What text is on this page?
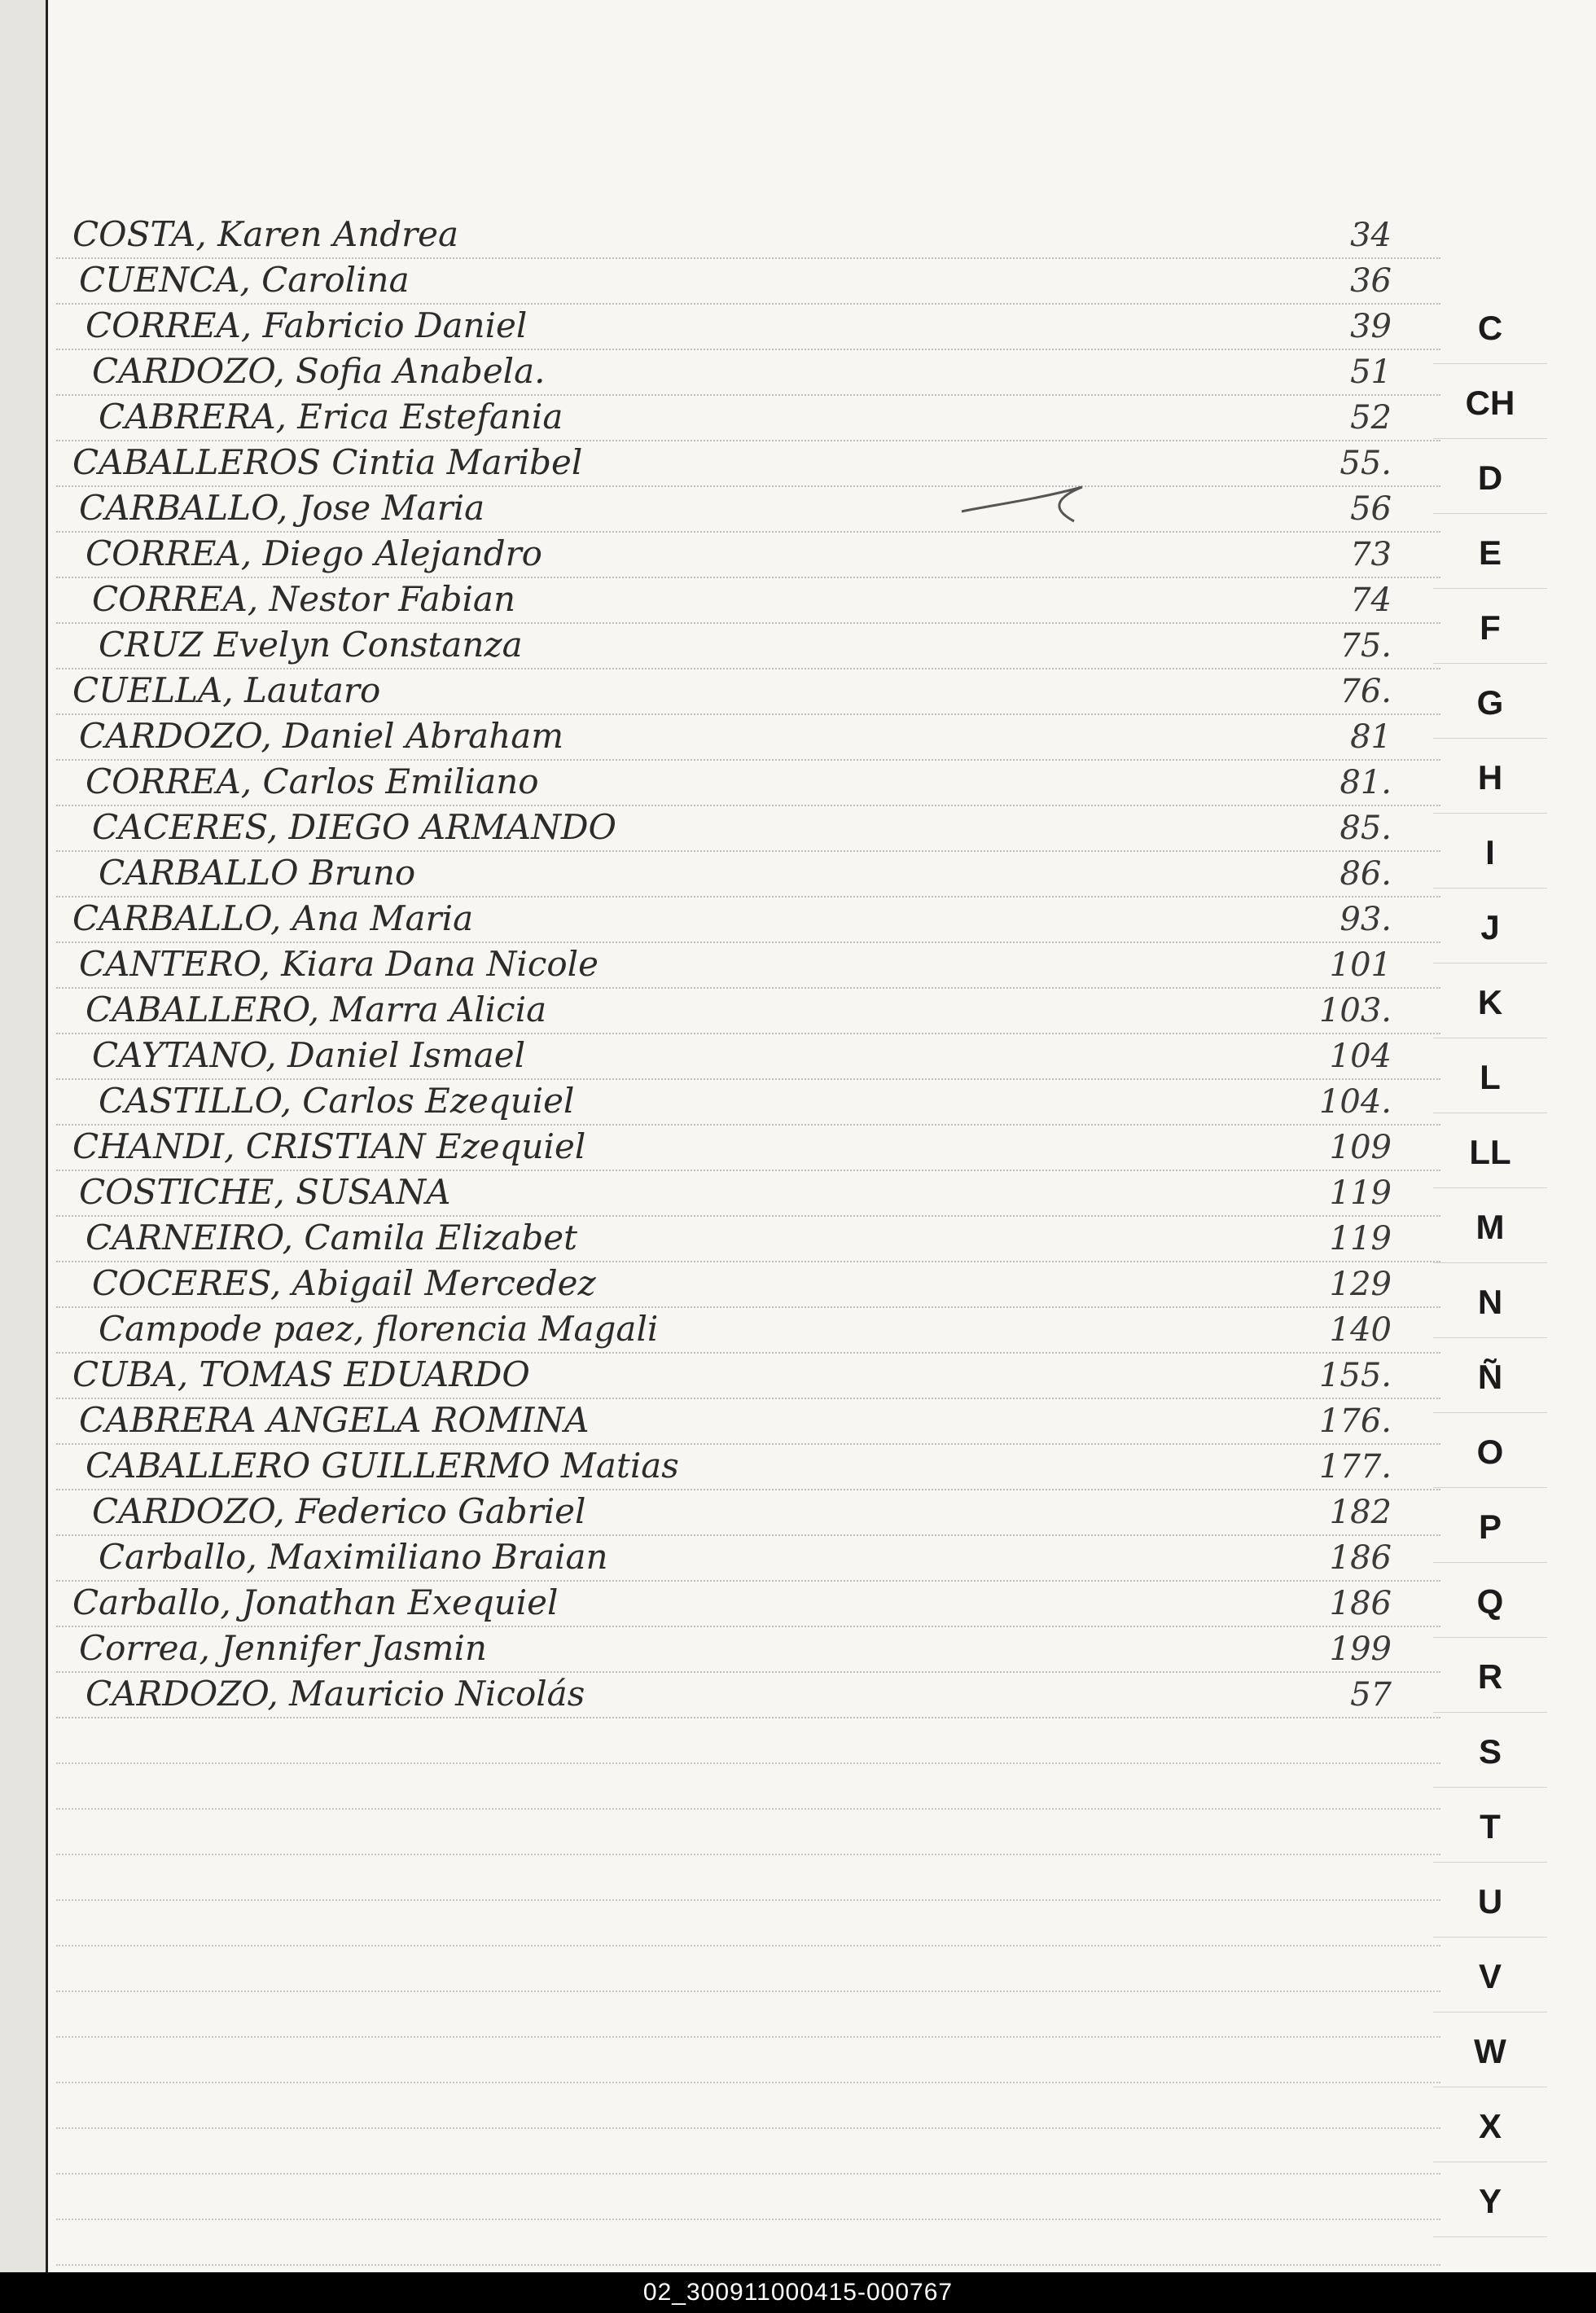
COSTA, Karen Andrea	34
CUENCA, Carolina	36
CORREA, Fabricio Daniel	39
CARDOZO, Sofia Anabela.	51
CABRERA, Erica Estefania	52
CABALLEROS Cintia Maribel	55.
CARBALLO, Jose Maria	56
CORREA, Diego Alejandro	73
CORREA, Nestor Fabian	74
CRUZ Evelyn Constanza	75.
CUELLA, Lautaro	76.
CARDOZO, Daniel Abraham	81
CORREA, Carlos Emiliano	81.
CACERES, DIEGO ARMANDO	85.
CARBALLO Bruno	86.
CARBALLO, Ana Maria	93.
CANTERO, Kiara Dana Nicole	101
CABALLERO, Marra Alicia	103.
CAYTANO, Daniel Ismael	104
CASTILLO, Carlos Ezequiel	104.
CHANDI, CRISTIAN Ezequiel	109
COSTICHE, SUSANA	119
CARNEIRO, Camila Elizabet	119
COCERES, Abigail Mercedez	129
Campode paez, florencia Magali	140
CUBA, TOMAS EDUARDO	155.
CABRERA ANGELA ROMINA	176.
CABALLERO GUILLERMO Matias	177.
CARDOZO, Federico Gabriel	182
Carballo, Maximiliano Braian	186
Carballo, Jonathan Exequiel	186
Correa, Jennifer Jasmin	199
CARDOZO, Mauricio Nicolás	57
C
CH
D
E
F
G
H
I
J
K
L
LL
M
N
Ñ
O
P
Q
R
S
T
U
V
W
X
Y
02_300911000415-000767
